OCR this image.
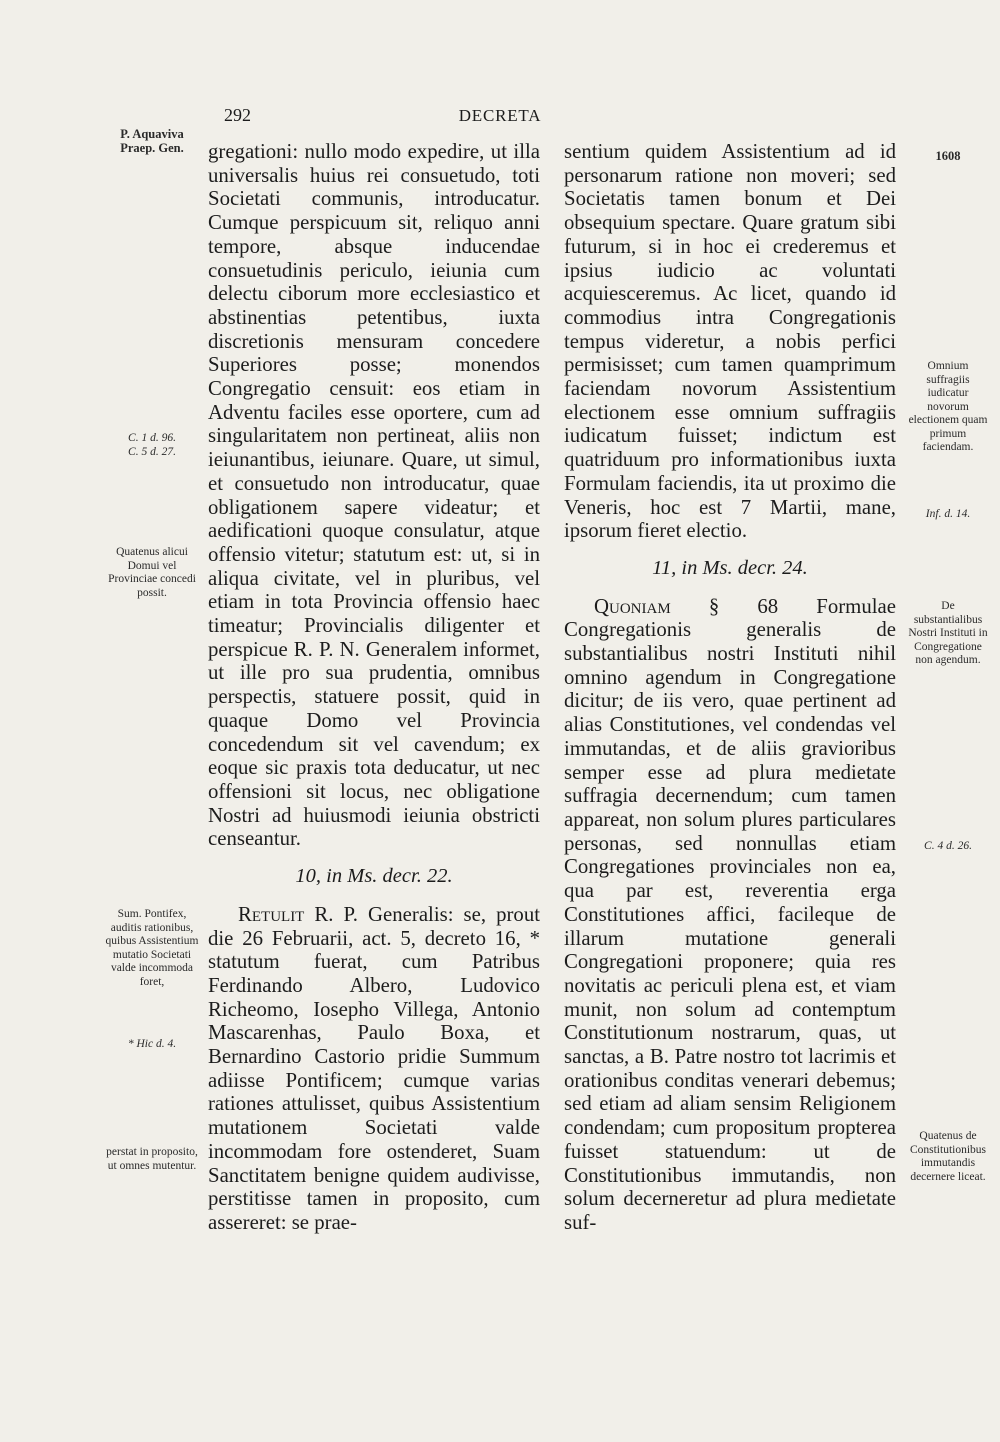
292	DECRETA
P. Aquaviva Praep. Gen.
C. 1 d. 96.
C. 5 d. 27.
Quatenus alicui Domui vel Provinciae concedi possit.
Sum. Pontifex, auditis rationibus, quibus Assistentium mutatio Societati valde incommoda foret,
* Hic d. 4.
perstat in proposito, ut omnes mutentur.
1608
Omnium suffragiis iudicatur novorum electionem quam primum faciendam.
Inf. d. 14.
De substantialibus Nostri Instituti in Congregatione non agendum.
C. 4 d. 26.
Quatenus de Constitutionibus immutandis decernere liceat.

gregationi: nullo modo expedire, ut illa universalis huius rei consuetudo, toti Societati communis, introducatur. Cumque perspicuum sit, reliquo anni tempore, absque inducendae consuetudinis periculo, ieiunia cum delectu ciborum more ecclesiastico et abstinentias petentibus, iuxta discretionis mensuram concedere Superiores posse; monendos Congregatio censuit: eos etiam in Adventu faciles esse oportere, cum ad singularitatem non pertineat, aliis non ieiunantibus, ieiunare. Quare, ut simul, et consuetudo non introducatur, quae obligationem sapere videatur; et aedificationi quoque consulatur, atque offensio vitetur; statutum est: ut, si in aliqua civitate, vel in pluribus, vel etiam in tota Provincia offensio haec timeatur; Provincialis diligenter et perspicue R. P. N. Generalem informet, ut ille pro sua prudentia, omnibus perspectis, statuere possit, quid in quaque Domo vel Provincia concedendum sit vel cavendum; ex eoque sic praxis tota deducatur, ut nec offensioni sit locus, nec obligatione Nostri ad huiusmodi ieiunia obstricti censeantur.

10, in Ms. decr. 22.

Retulit R. P. Generalis: se, prout die 26 Februarii, act. 5, decreto 16, * statutum fuerat, cum Patribus Ferdinando Albero, Ludovico Richeomo, Iosepho Villega, Antonio Mascarenhas, Paulo Boxa, et Bernardino Castorio pridie Summum adiisse Pontificem; cumque varias rationes attulisset, quibus Assistentium mutationem Societati valde incommodam fore ostenderet, Suam Sanctitatem benigne quidem audivisse, perstitisse tamen in proposito, cum assereret: se prae-

sentium quidem Assistentium ad id personarum ratione non moveri; sed Societatis tamen bonum et Dei obsequium spectare. Quare gratum sibi futurum, si in hoc ei crederemus et ipsius iudicio ac voluntati acquiesceremus. Ac licet, quando id commodius intra Congregationis tempus videretur, a nobis perfici permisisset; cum tamen quamprimum faciendam novorum Assistentium electionem esse omnium suffragiis iudicatum fuisset; indictum est quatriduum pro informationibus iuxta Formulam faciendis, ita ut proximo die Veneris, hoc est 7 Martii, mane, ipsorum fieret electio.

11, in Ms. decr. 24.

Quoniam § 68 Formulae Congregationis generalis de substantialibus nostri Instituti nihil omnino agendum in Congregatione dicitur; de iis vero, quae pertinent ad alias Constitutiones, vel condendas vel immutandas, et de aliis gravioribus semper esse ad plura medietate suffragia decernendum; cum tamen appareat, non solum plures particulares personas, sed nonnullas etiam Congregationes provinciales non ea, qua par est, reverentia erga Constitutiones affici, facileque de illarum mutatione generali Congregationi proponere; quia res novitatis ac periculi plena est, et viam munit, non solum ad contemptum Constitutionum nostrarum, quas, ut sanctas, a B. Patre nostro tot lacrimis et orationibus conditas venerari debemus; sed etiam ad aliam sensim Religionem condendam; cum propositum propterea fuisset statuendum: ut de Constitutionibus immutandis, non solum decerneretur ad plura medietate suf-
